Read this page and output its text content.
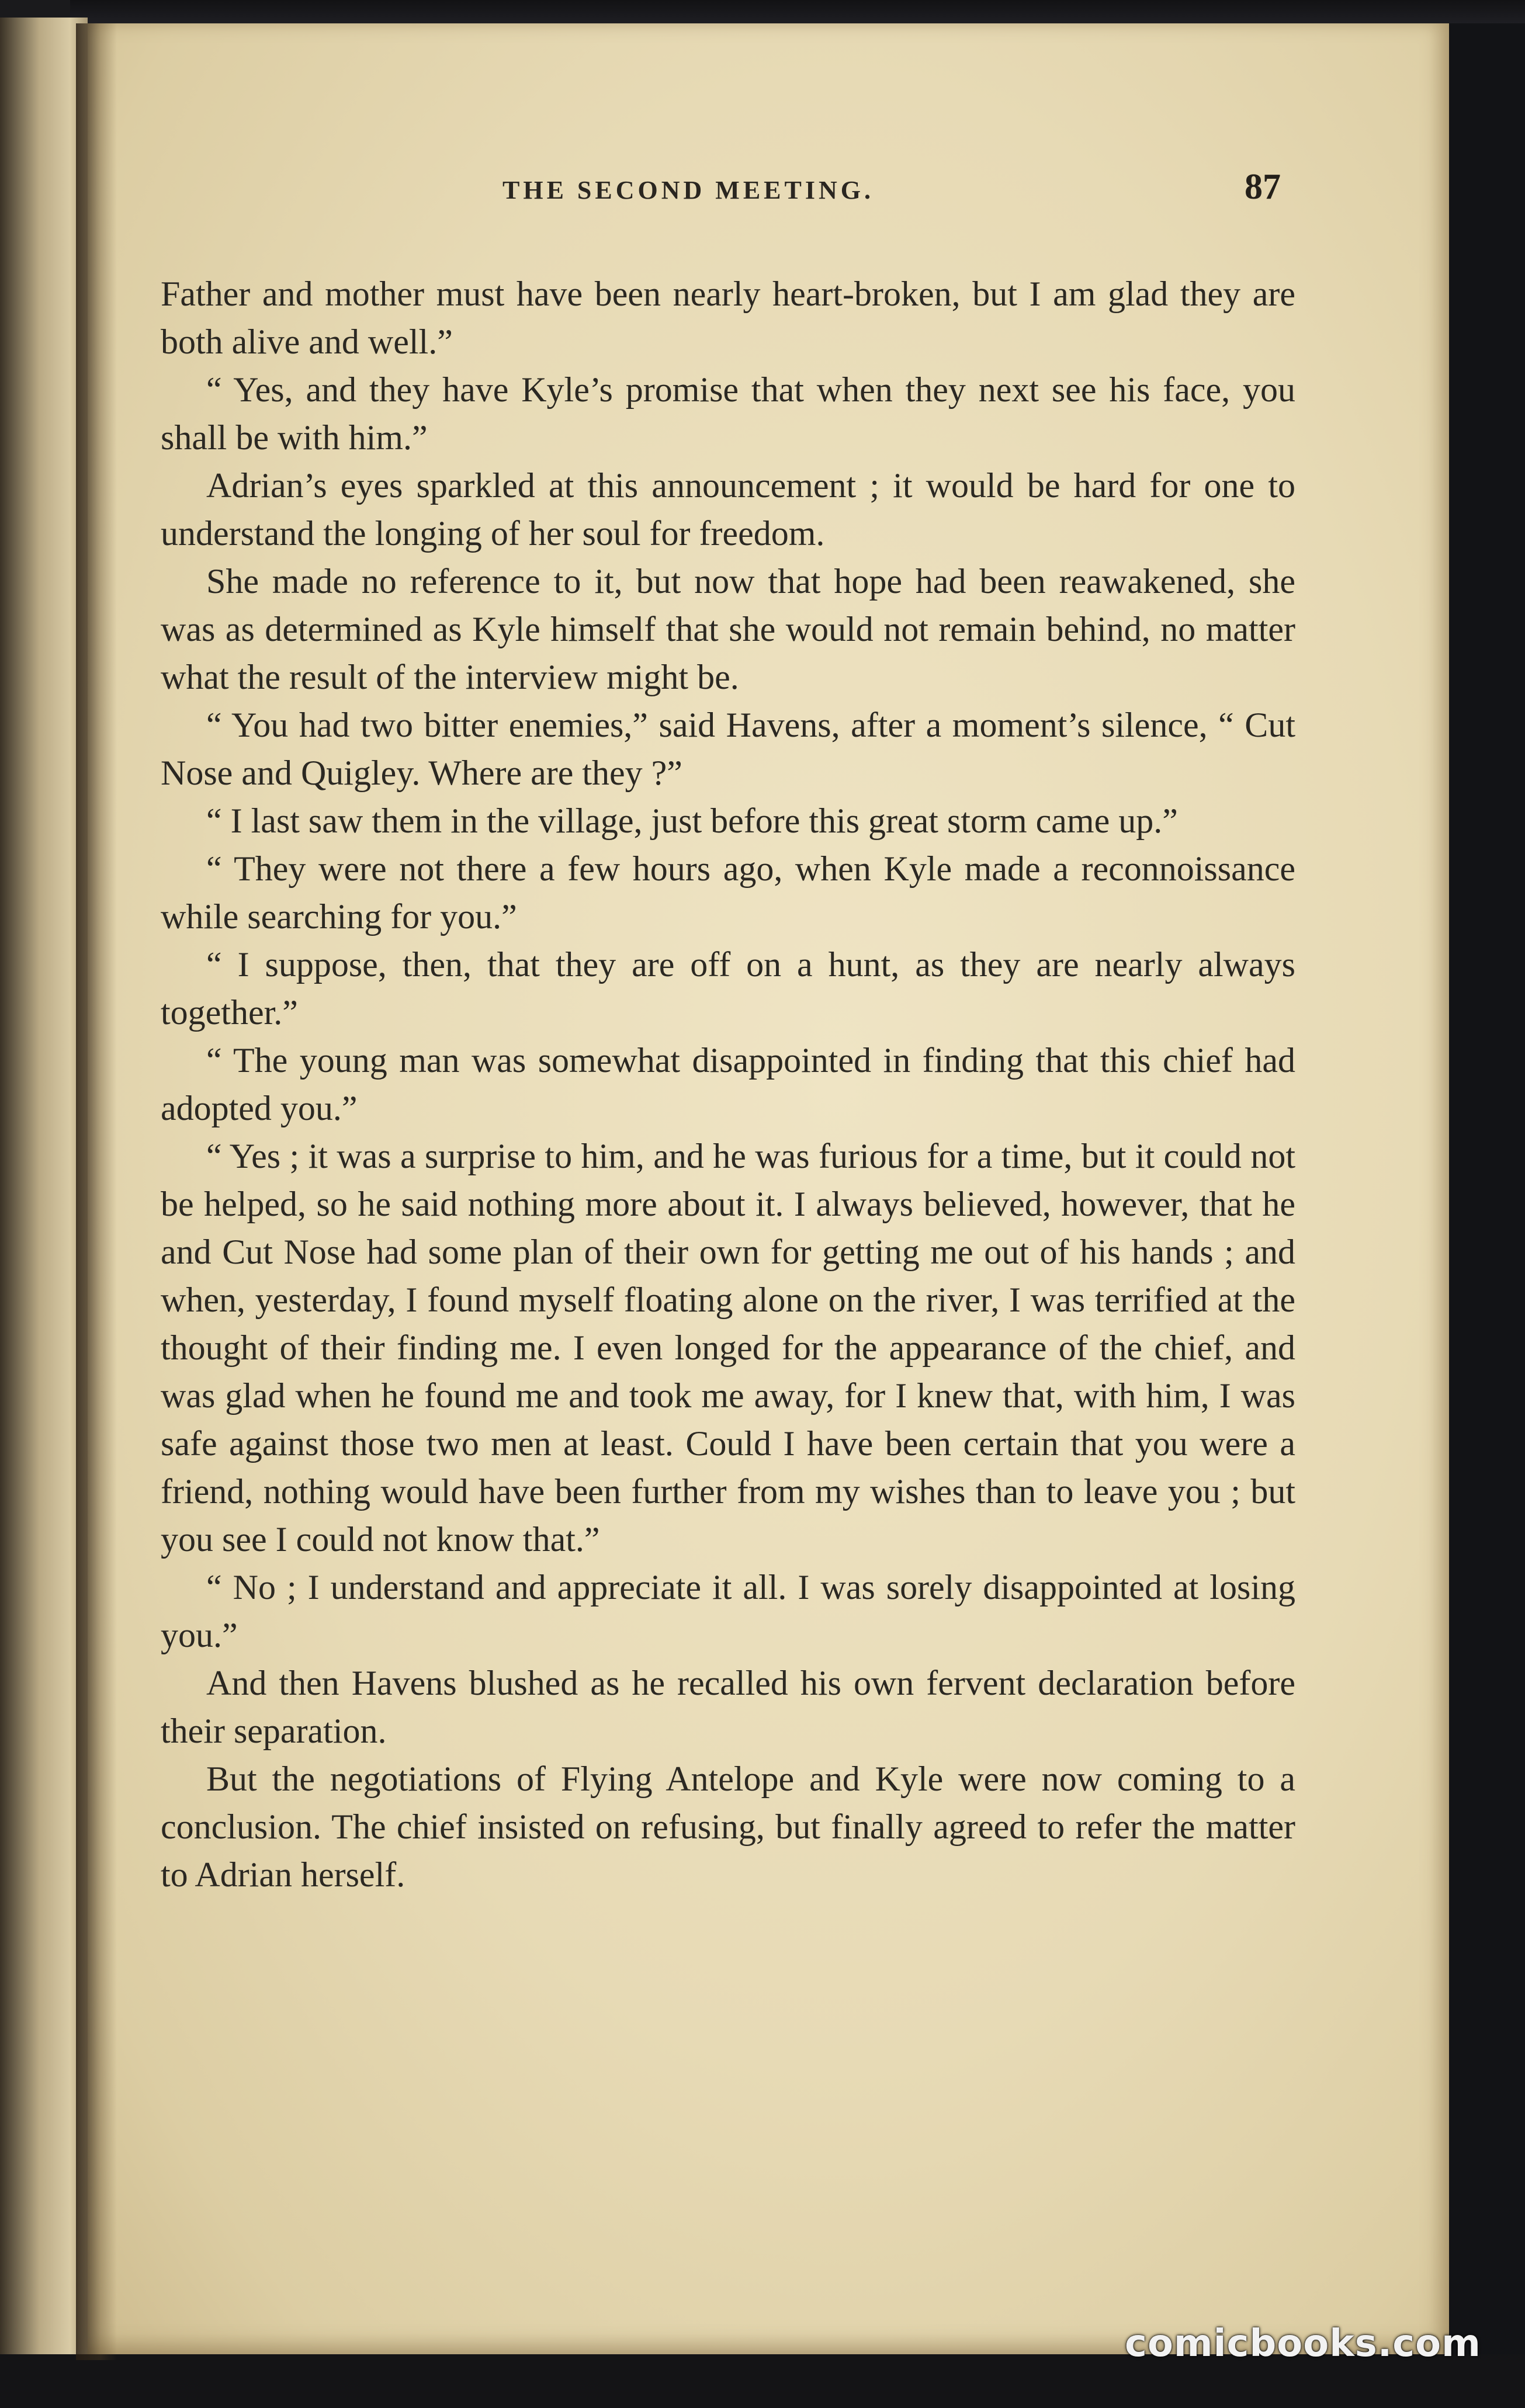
THE SECOND MEETING.	87

Father and mother must have been nearly heart-broken, but I am glad they are both alive and well.”

“ Yes, and they have Kyle’s promise that when they next see his face, you shall be with him.”

Adrian’s eyes sparkled at this announcement ; it would be hard for one to understand the longing of her soul for freedom.

She made no reference to it, but now that hope had been reawakened, she was as determined as Kyle himself that she would not remain behind, no matter what the result of the interview might be.

“ You had two bitter enemies,” said Havens, after a moment’s silence, “ Cut Nose and Quigley. Where are they ?”

“ I last saw them in the village, just before this great storm came up.”

“ They were not there a few hours ago, when Kyle made a reconnoissance while searching for you.”

“ I suppose, then, that they are off on a hunt, as they are nearly always together.”

“ The young man was somewhat disappointed in finding that this chief had adopted you.”

“ Yes ; it was a surprise to him, and he was furious for a time, but it could not be helped, so he said nothing more about it. I always believed, however, that he and Cut Nose had some plan of their own for getting me out of his hands ; and when, yesterday, I found myself floating alone on the river, I was terrified at the thought of their finding me. I even longed for the appearance of the chief, and was glad when he found me and took me away, for I knew that, with him, I was safe against those two men at least. Could I have been certain that you were a friend, nothing would have been further from my wishes than to leave you ; but you see I could not know that.”

“ No ; I understand and appreciate it all. I was sorely disappointed at losing you.”

And then Havens blushed as he recalled his own fervent declaration before their separation.

But the negotiations of Flying Antelope and Kyle were now coming to a conclusion. The chief insisted on refusing, but finally agreed to refer the matter to Adrian herself.

comicbooks.com
